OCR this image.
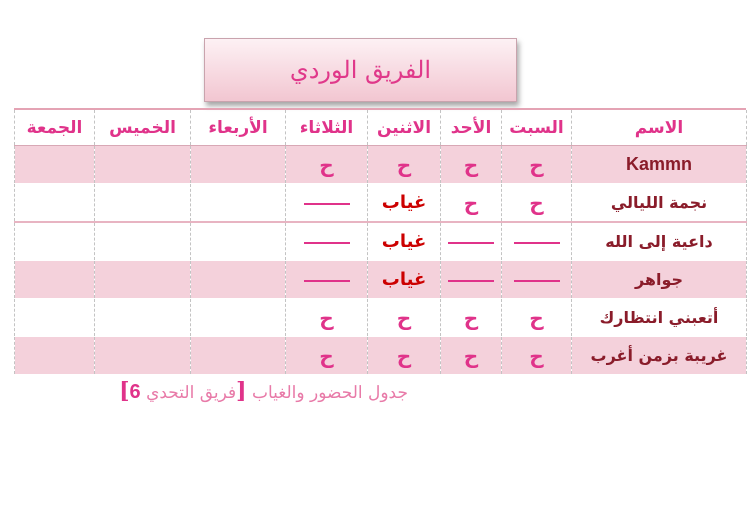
الفريق الوردي
الاسم	السبت	الأحد	الاثنين	الثلاثاء	الأربعاء	الخميس	الجمعة
Kammn	ح	ح	ح	ح			
نجمة الليالي	ح	ح	غياب				
داعية إلى الله			غياب				
جواهر			غياب				
أتعبني انتظارك	ح	ح	ح	ح			
غريبة بزمن أغرب	ح	ح	ح	ح			
جدول الحضور والغياب [فريق التحدي 6]
